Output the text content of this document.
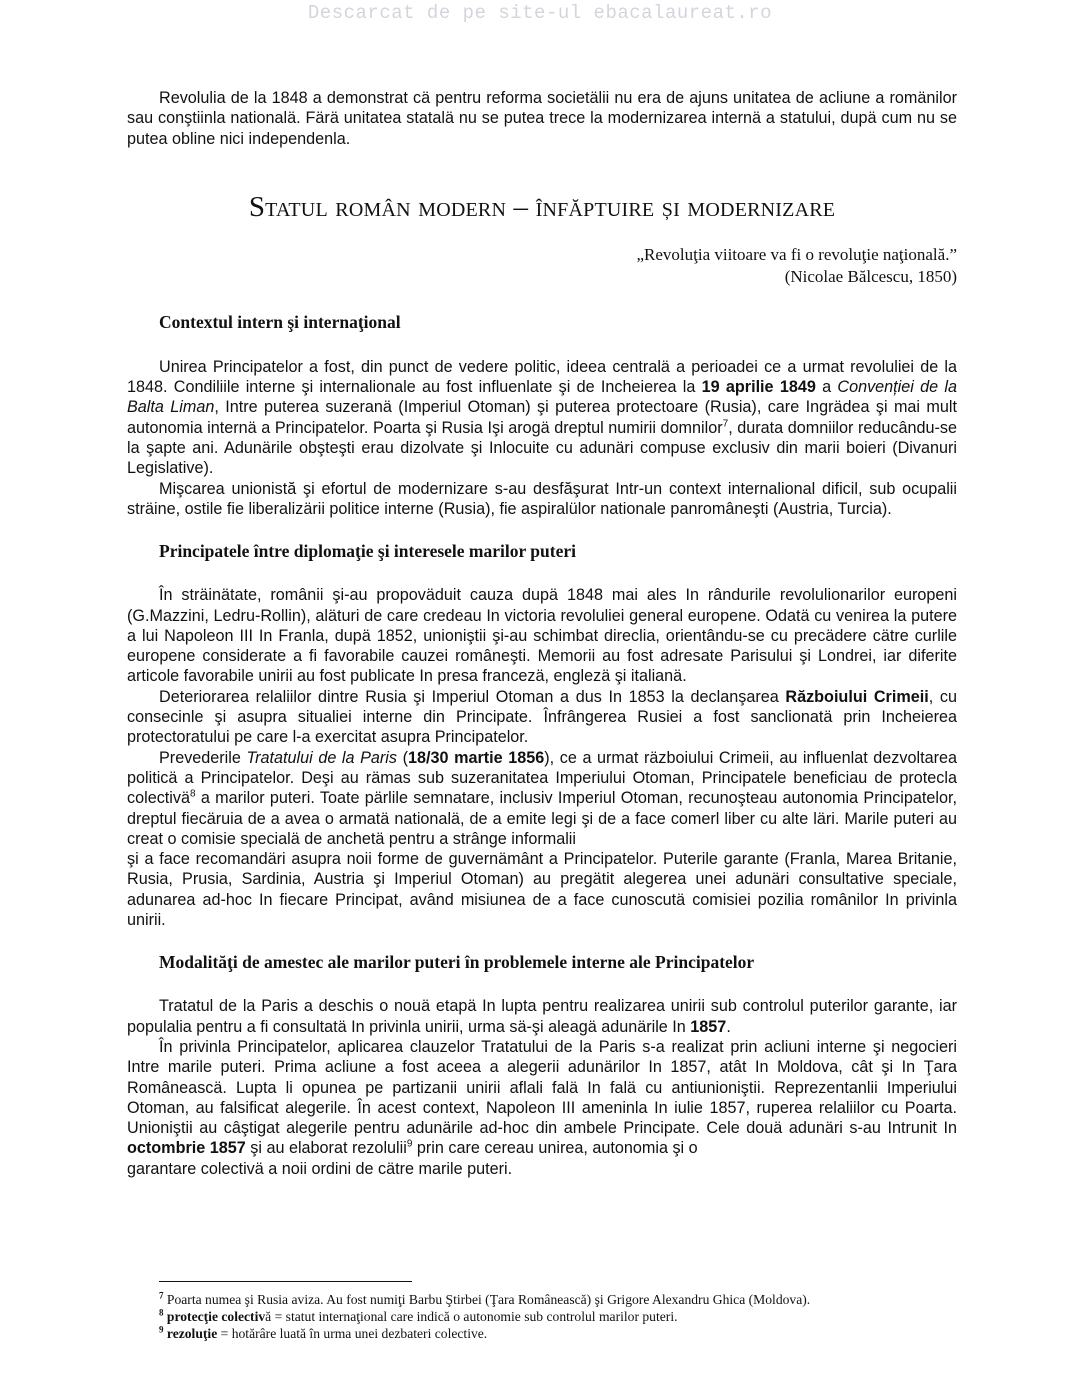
Descarcat de pe site-ul ebacalaureat.ro

Revolulia de la 1848 a demonstrat cä pentru reforma societälii nu era de ajuns unitatea de acliune a romänilor sau conştiinla nationalä. Färä unitatea statalä nu se putea trece la modernizarea internä a statului, dupä cum nu se putea obline nici independenla.

Statul român modern – înfăptuire și modernizare
„Revoluţia viitoare va fi o revoluţie naţională.”
(Nicolae Bălcescu, 1850)
Contextul intern şi internaţional

Unirea Principatelor a fost, din punct de vedere politic, ideea centralä a perioadei ce a urmat revoluliei de la 1848. Condiliile interne şi internalionale au fost influenlate şi de Incheierea la 19 aprilie 1849 a Convenției de la Balta Liman, Intre puterea suzeranä (Imperiul Otoman) şi puterea protectoare (Rusia), care Ingrädea şi mai mult autonomia internä a Principatelor. Poarta şi Rusia Işi arogä dreptul numirii domnilor$^7$, durata domniilor reducându-se la şapte ani. Adunärile obşteşti erau dizolvate şi Inlocuite cu adunäri compuse exclusiv din marii boieri (Divanuri Legislative).

Mişcarea unionistă şi efortul de modernizare s-au desfăşurat Intr-un context internalional dificil, sub ocupalii sträine, ostile fie liberalizärii politice interne (Rusia), fie aspiralülor nationale panromâneşti (Austria, Turcia).

Principatele între diplomaţie şi interesele marilor puteri

În sträinätate, românii şi-au propoväduit cauza dupä 1848 mai ales In rândurile revolulionarilor europeni (G.Mazzini, Ledru-Rollin), aläturi de care credeau In victoria revoluliei general europene. Odatä cu venirea la putere a lui Napoleon III In Franla, dupä 1852, unioniştii şi-au schimbat direclia, orientându-se cu precädere cätre curlile europene considerate a fi favorabile cauzei româneşti. Memorii au fost adresate Parisului şi Londrei, iar diferite articole favorabile unirii au fost publicate In presa francezä, englezä şi italianä.

Deteriorarea relaliilor dintre Rusia şi Imperiul Otoman a dus In 1853 la declanşarea Războiului Crimeii, cu consecinle şi asupra situaliei interne din Principate. Înfrângerea Rusiei a fost sanclionatä prin Incheierea protectoratului pe care l-a exercitat asupra Principatelor.

Prevederile Tratatului de la Paris (18/30 martie 1856), ce a urmat räzboiului Crimeii, au influenlat dezvoltarea politicä a Principatelor. Deşi au rämas sub suzeranitatea Imperiului Otoman, Principatele beneficiau de protecla colectivä$^8$ a marilor puteri. Toate pärlile semnatare, inclusiv Imperiul Otoman, recunoşteau autonomia Principatelor, dreptul fiecäruia de a avea o armatä nationalä, de a emite legi şi de a face comerl liber cu alte läri. Marile puteri au creat o comisie specialä de anchetä pentru a strânge informalii

şi a face recomandäri asupra noii forme de guvernämânt a Principatelor. Puterile garante (Franla, Marea Britanie, Rusia, Prusia, Sardinia, Austria şi Imperiul Otoman) au pregätit alegerea unei adunäri consultative speciale, adunarea ad-hoc In fiecare Principat, având misiunea de a face cunoscutä comisiei pozilia românilor In privinla unirii.

Modalităţi de amestec ale marilor puteri în problemele interne ale Principatelor

Tratatul de la Paris a deschis o nouä etapä In lupta pentru realizarea unirii sub controlul puterilor garante, iar populalia pentru a fi consultatä In privinla unirii, urma sä-şi aleagä adunärile In 1857.

În privinla Principatelor, aplicarea clauzelor Tratatului de la Paris s-a realizat prin acliuni interne şi negocieri Intre marile puteri. Prima acliune a fost aceea a alegerii adunärilor In 1857, atât In Moldova, cât şi In Ţara Româneascä. Lupta li opunea pe partizanii unirii aflali falä In falä cu antiunioniştii. Reprezentanlii Imperiului Otoman, au falsificat alegerile. În acest context, Napoleon III ameninla In iulie 1857, ruperea relaliilor cu Poarta. Unioniştii au câştigat alegerile pentru adunärile ad-hoc din ambele Principate. Cele douä adunäri s-au Intrunit In octombrie 1857 şi au elaborat rezolulii$^9$ prin care cereau unirea, autonomia şi o

garantare colectivä a noii ordini de cätre marile puteri.

$^7$ Poarta numea şi Rusia aviza. Au fost numiţi Barbu Ştirbei (Ţara Românească) şi Grigore Alexandru Ghica (Moldova).
$^8$ protecţie colectivă = statut internaţional care indică o autonomie sub controlul marilor puteri.
$^9$ rezoluţie = hotărâre luată în urma unei dezbateri colective.
